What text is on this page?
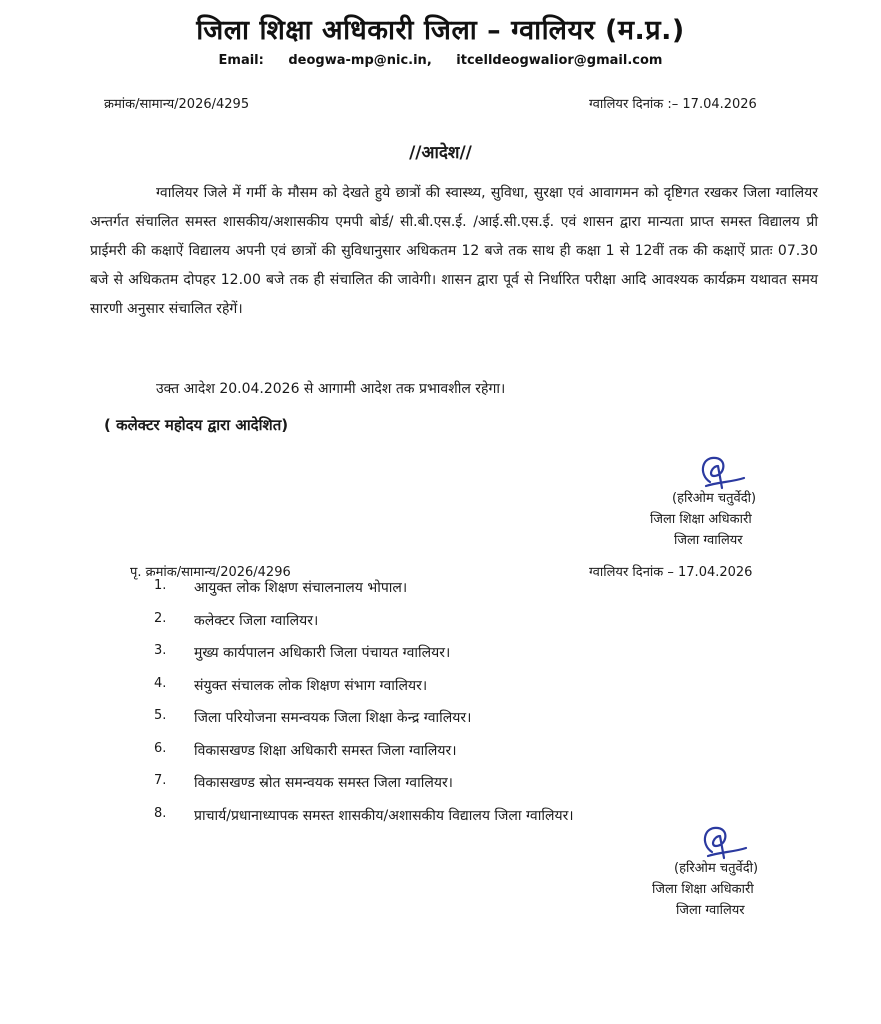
जिला शिक्षा अधिकारी जिला – ग्वालियर (म.प्र.)
Email: deogwa-mp@nic.in, itcelldeogwalior@gmail.com
क्रमांक/सामान्य/2026/4295	ग्वालियर दिनांक :– 17.04.2026
//आदेश//

ग्वालियर जिले में गर्मी के मौसम को देखते हुये छात्रों की स्वास्थ्य, सुविधा, सुरक्षा एवं आवागमन को दृष्टिगत रखकर जिला ग्वालियर अन्तर्गत संचालित समस्त शासकीय/अशासकीय एमपी बोर्ड/ सी.बी.एस.ई. /आई.सी.एस.ई. एवं शासन द्वारा मान्यता प्राप्त समस्त विद्यालय प्री प्राईमरी की कक्षाऐं विद्यालय अपनी एवं छात्रों की सुविधानुसार अधिकतम 12 बजे तक साथ ही कक्षा 1 से 12वीं तक की कक्षाऐं प्रातः 07.30 बजे से अधिकतम दोपहर 12.00 बजे तक ही संचालित की जावेगी। शासन द्वारा पूर्व से निर्धारित परीक्षा आदि आवश्यक कार्यक्रम यथावत समय सारणी अनुसार संचालित रहेगें।

उक्त आदेश 20.04.2026 से आगामी आदेश तक प्रभावशील रहेगा।
( कलेक्टर महोदय द्वारा आदेशित)
(हरिओम चतुर्वेदी)
जिला शिक्षा अधिकारी
जिला ग्वालियर
पृ. क्रमांक/सामान्य/2026/4296	ग्वालियर दिनांक – 17.04.2026
1.	आयुक्त लोक शिक्षण संचालनालय भोपाल।
2.	कलेक्टर जिला ग्वालियर।
3.	मुख्य कार्यपालन अधिकारी जिला पंचायत ग्वालियर।
4.	संयुक्त संचालक लोक शिक्षण संभाग ग्वालियर।
5.	जिला परियोजना समन्वयक जिला शिक्षा केन्द्र ग्वालियर।
6.	विकासखण्ड शिक्षा अधिकारी समस्त जिला ग्वालियर।
7.	विकासखण्ड स्रोत समन्वयक समस्त जिला ग्वालियर।
8.	प्राचार्य/प्रधानाध्यापक समस्त शासकीय/अशासकीय विद्यालय जिला ग्वालियर।
(हरिओम चतुर्वेदी)
जिला शिक्षा अधिकारी
जिला ग्वालियर
